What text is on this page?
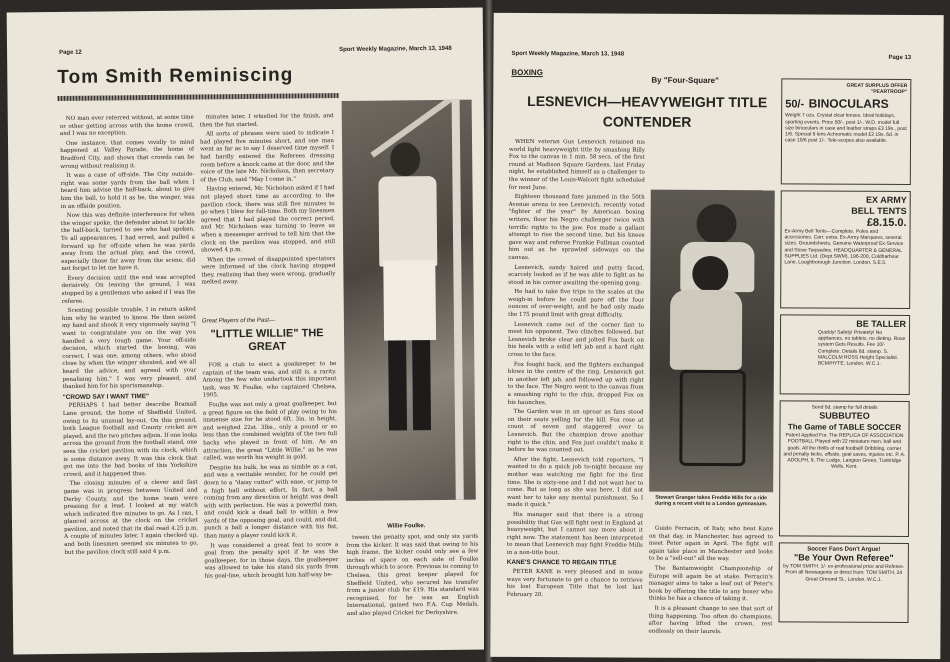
Page 12	Sport Weekly Magazine, March 13, 1948
Tom Smith Reminiscing

NO man ever referred without, at some time or other getting across with the home crowd, and I was no exception.

One instance, that comes vividly to mind happened at Valley Parade, the home of Bradford City, and shows that crowds can be wrong without realising it.

It was a case of off-side. The City outside-right was some yards from the ball when I heard him advise the half-back, about to give him the ball, to hold it as he, the winger, was in an offside position.

Now this was definite interference for when the winger spoke, the defender about to tackle the half-back, turned to see who had spoken. To all appearances, I had erred, and pulled a forward up for off-side when he was yards away from the actual play, and the crowd, especially those far away from the scene, did not forget to let me have it.

Every decision until the end was accepted derisively. On leaving the ground, I was stopped by a gentleman who asked if I was the referee.

Scenting possible trouble, I in return asked him why he wanted to know. He then seized my hand and shook it very vigorously saying "I want to congratulate you on the way you handled a very tough game. Your off-side decision, which started the booing, was correct. I was one, among others, who stood close by when the winger shouted, and we all heard the advice, and agreed with your penalising him." I was very pleased, and thanked him for his sportsmanship.

"CROWD SAY I WANT TIME"

PERHAPS I had better describe Bramall Lane ground, the home of Sheffield United, owing to its unusual lay-out. On this ground, both League football and County cricket are played, and the two pitches adjoin. If one looks across the ground from the football stand, one sees the cricket pavilion with its clock, which is some distance away. It was this clock that got me into the bad books of this Yorkshire crowd, and it happened thus.

The closing minutes of a clever and fast game was in progress between United and Derby County, and the home team were pressing for a lead. I looked at my watch which indicated five minutes to go. As I ran, I glanced across at the clock on the cricket pavilion, and noted that its dial read 4.25 p.m. A couple of minutes later, I again checked up, and both linesmen seemed six minutes to go, but the pavilion clock still said 4 p.m.

minutes later, I whistled for the finish, and then the fun started.

All sorts of phrases were used to indicate I had played five minutes short, and one man went as far as to say I deserved time myself. I had hardly entered the Referees dressing room before a knock came at the door, and the voice of the late Mr. Nicholson, then secretary of the Club, said "May I come in."

Having entered, Mr. Nicholson asked if I had not played short time as according to the pavilion clock, there was still five minutes to go when I blew for full-time. Both my linesmen agreed that I had played the correct period, and Mr. Nicholson was turning to leave us when a messenger arrived to tell him that the clock on the pavilion was stopped, and still showed 4 p.m.

When the crowd of disappointed spectators were informed of the clock having stopped they, realising that they were wrong, gradually melted away.

Great Players of the Past—
"LITTLE WILLIE" THE GREAT

FOR a club to elect a goalkeeper to be captain of the team was, and still is, a rarity. Among the few who undertook this important task, was W. Foulke, who captained Chelsea, 1905.

Foulke was not only a great goalkeeper, but a great figure on the field of play owing to his immense size for he stood 6ft. 3in. in height, and weighed 22st. 3lbs., only a pound or so less than the combined weights of the two full backs who played in front of him. As an attraction, the great "Little Willie," as he was called, was worth his weight in gold.

Despite his bulk, he was as nimble as a cat, and was a veritable wonder, for he could get down to a "daisy cutter" with ease, or jump to a high ball without effort. In fact, a ball coming from any direction or height was dealt with with perfection. He was a powerful man, and could kick a dead ball to within a few yards of the opposing goal, and could, and did, punch a ball a longer distance with his fist, than many a player could kick it.

It was considered a great feat to score a goal from the penalty spot if he was the goalkeeper, for in those days, the goalkeeper was allowed to take his stand six yards from his goal-line, which brought him half-way be-

Willie Foulke.

tween the penalty spot, and only six yards from the kicker. It was said that owing to his high frame, the kicker could only see a few inches of space on each side of Foulke through which to score. Previous to coming to Chelsea, this great keeper played for Sheffield United, who secured his transfer from a junior club for £19. His standard was recognised, for he was an English International, gained two F.A. Cup Medals, and also played Cricket for Derbyshire.

Sport Weekly Magazine, March 13, 1948
Page 13
BOXING
By "Four-Square"
LESNEVICH—HEAVYWEIGHT TITLE CONTENDER

WHEN veteran Gus Lesnevich retained his world light heavyweight title by smashing Billy Fox to the canvas in 1 min. 58 secs. of the first round at Madison Square Gardens, last Friday night, he established himself as a challenger to the winner of the Louis-Walcott fight scheduled for next June.

Eighteen thousand fans jammed in the 50th Avenue arena to see Lesnevich, recently voted "fighter of the year" by American boxing writers, floor his Negro challenger twice with terrific rights to the jaw. Fox made a gallant attempt to rise the second time, but his knees gave way and referee Frankie Fullman counted him out as he sprawled sideways on the canvas.

Lesnevich, sandy haired and putty faced, scarcely looked as if he was able to fight as he stood in his corner awaiting the opening gong.

He had to take five trips to the scales at the weigh-in before he could pare off the four ounces of over-weight, and he had only made the 175 pound limit with great difficulty.

Lesnevich came out of the corner fast to meet his opponent. Two clinches followed, but Lesnevich broke clear and jolted Fox back on his heels with a solid left jab and a hard right cross to the face.

Fox fought back, and the fighters exchanged blows in the centre of the ring. Lesnevich got in another left jab, and followed up with right to the face. The Negro went to the canvas from a smashing right to the chin, dropped Fox on his haunches.

The Garden was in an uproar as fans stood on their seats yelling for the kill. Fox rose at count of seven and staggered over to Lesnevich. But the champion drove another right to the chin, and Fox just couldn't make it before he was counted out.

After the fight, Lesnevich told reporters, "I wanted to do a quick job to-night because my mother was watching me fight for the first time. She is sixty-one and I did not want her to come. But as long as she was here, I did not want her to take any mental punishment. So I made it quick."

His manager said that there is a strong possibility that Gus will fight next in England at heavyweight, but I cannot say more about it right now. The statement has been interpreted to mean that Lesnevich may fight Freddie Mills in a non-title bout.

KANE'S CHANCE TO REGAIN TITLE

PETER KANE is very pleased and in some ways very fortunate to get a chance to retrieve his lost European Title that he lost last February 20.

Stewart Granger takes Freddie Mills for a ride during a recent visit to a London gymnasium.

Guido Ferracin, of Italy, who beat Kane on that day, in Manchester, has agreed to meet Peter again in April. The fight will again take place in Manchester and looks to be a "sell-out" all the way.

The Bantamweight Championship of Europe will again be at stake. Ferracin's manager aims to take a leaf out of Peter's book by offering the title to any boxer who thinks he has a chance of taking it.

It is a pleasant change to see that sort of thing happening. Too often do champions, after having lifted the crown, rest endlessly on their laurels.

GREAT SURPLUS OFFER
"PEARTROOP"
50/- BINOCULARS
Weight 7 ozs. Crystal clear lenses. Ideal holidays, sporting events. Price 50/-, post 1/-. W.D. model full size binoculars in case and leather straps £3 19s., post 1/6. Special 6 lens Achromatic model £2 19s. 6d. in case 10/6 post 1/-. Tele-scopes also available.
EX ARMY
BELL TENTS
£8.15.0.
Ex-Army Bell Tents—Complete. Poles and accessories. Carr. extra. Ex-Army Marquees, several sizes. Groundsheets, Genuine Waterproof Ex-Service and Stove Tarpaulins. HEADQUARTER & GENERAL SUPPLIES Ltd. (Dept.SWM), 196-200, Coldharbour Lane, Loughborough Junction, London, S.E.5.
BE TALLER
Quickly! Safely! Privately! No appliances, no tablets, no dieting. Rose system Gets Results. Fee 10/- Complete. Details 6d. stamp. S. MALCOLM ROSS Height Specialist. BCM/HYTE, London, W.C.1.
Send 6d. stamp for full details
SUBBUTEO
The Game of TABLE SOCCER
Patent Applied For. The REPLICA OF ASSOCIATION FOOTBALL Played with 22 miniature men, ball and goals. All the thrills of real football! Dribbling, corner and penalty kicks, offside, goal saves, injuries etc. P. A. ADOLPH, 9, The Lodge, Langton Green, Tunbridge Wells, Kent.
Soccer Fans Don't Argue!
"Be Your Own Referee"
by TOM SMITH. 1/- ex-professional price and Referee. From all Newsagents or direct from: TOM SMITH, 24 Great Ormond St., London, W.C.1.
